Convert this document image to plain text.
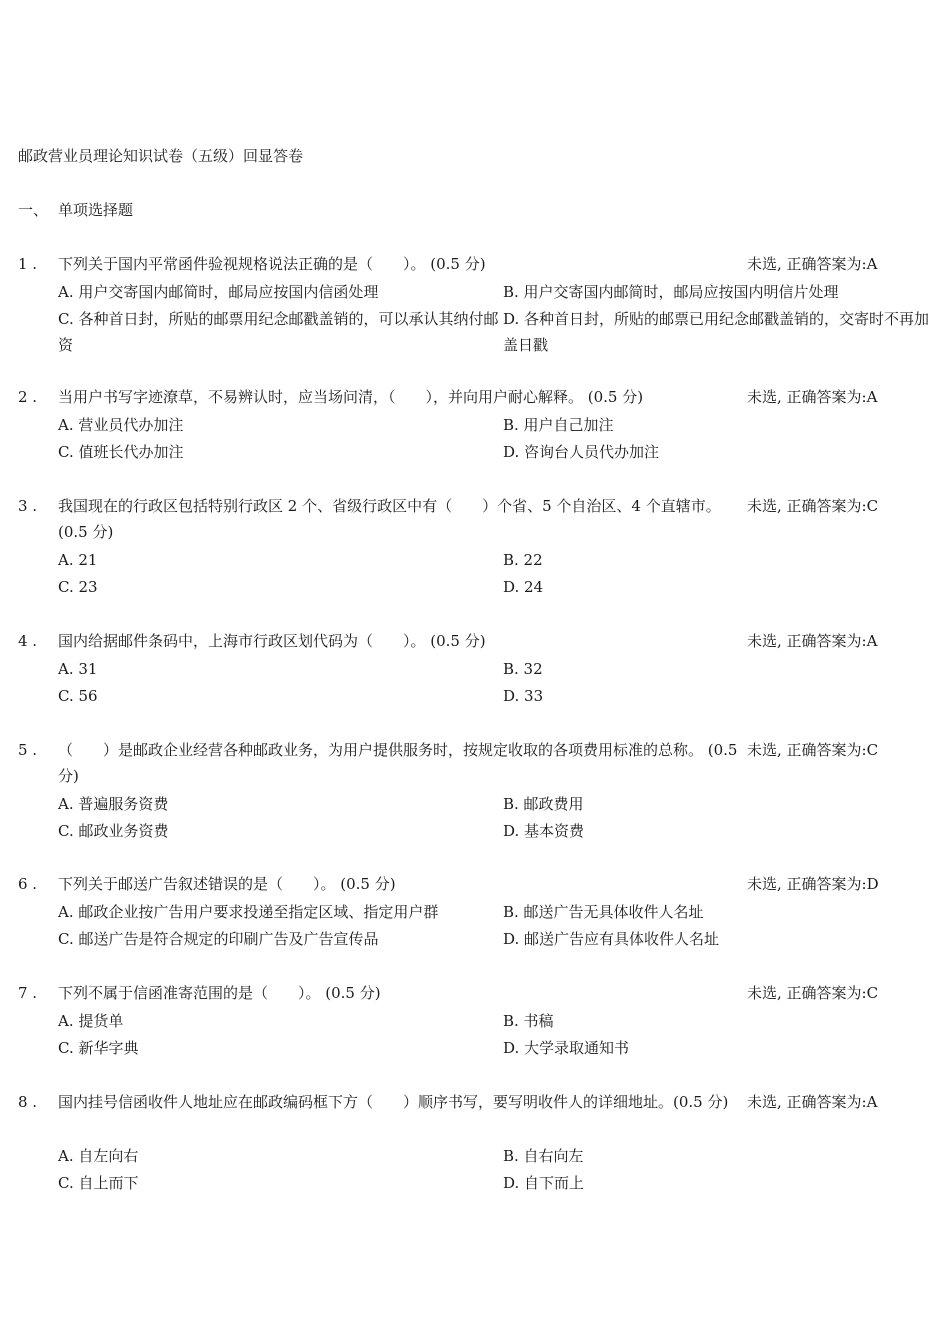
邮政营业员理论知识试卷（五级）回显答卷
一、 单项选择题
1 . 下列关于国内平常函件验视规格说法正确的是（　　）。 (0.5 分)	未选, 正确答案为:A
A. 用户交寄国内邮简时，邮局应按国内信函处理	B. 用户交寄国内邮简时，邮局应按国内明信片处理
C. 各种首日封，所贴的邮票用纪念邮戳盖销的，可以承认其纳付邮资
D. 各种首日封，所贴的邮票已用纪念邮戳盖销的，交寄时不再加盖日戳
2 . 当用户书写字迹潦草，不易辨认时，应当场问清，（　　），并向用户耐心解释。 (0.5 分)	未选, 正确答案为:A
A. 营业员代办加注	B. 用户自己加注
C. 值班长代办加注	D. 咨询台人员代办加注
3 . 我国现在的行政区包括特别行政区 2 个、省级行政区中有（　　）个省、5 个自治区、4 个直辖市。 (0.5 分)
未选, 正确答案为:C
A. 21	B. 22
C. 23	D. 24
4 . 国内给据邮件条码中，上海市行政区划代码为（　　）。 (0.5 分)	未选, 正确答案为:A
A. 31	B. 32
C. 56	D. 33
5 . （　　）是邮政企业经营各种邮政业务，为用户提供服务时，按规定收取的各项费用标准的总称。 (0.5 分)
未选, 正确答案为:C
A. 普遍服务资费	B. 邮政费用
C. 邮政业务资费	D. 基本资费
6 . 下列关于邮送广告叙述错误的是（　　）。 (0.5 分)	未选, 正确答案为:D
A. 邮政企业按广告用户要求投递至指定区域、指定用户群	B. 邮送广告无具体收件人名址
C. 邮送广告是符合规定的印刷广告及广告宣传品	D. 邮送广告应有具体收件人名址
7 . 下列不属于信函准寄范围的是（　　）。 (0.5 分)	未选, 正确答案为:C
A. 提货单	B. 书稿
C. 新华字典	D. 大学录取通知书
8 . 国内挂号信函收件人地址应在邮政编码框下方（　　）顺序书写，要写明收件人的详细地址。(0.5 分)	未选, 正确答案为:A
A. 自左向右	B. 自右向左
C. 自上而下	D. 自下而上
